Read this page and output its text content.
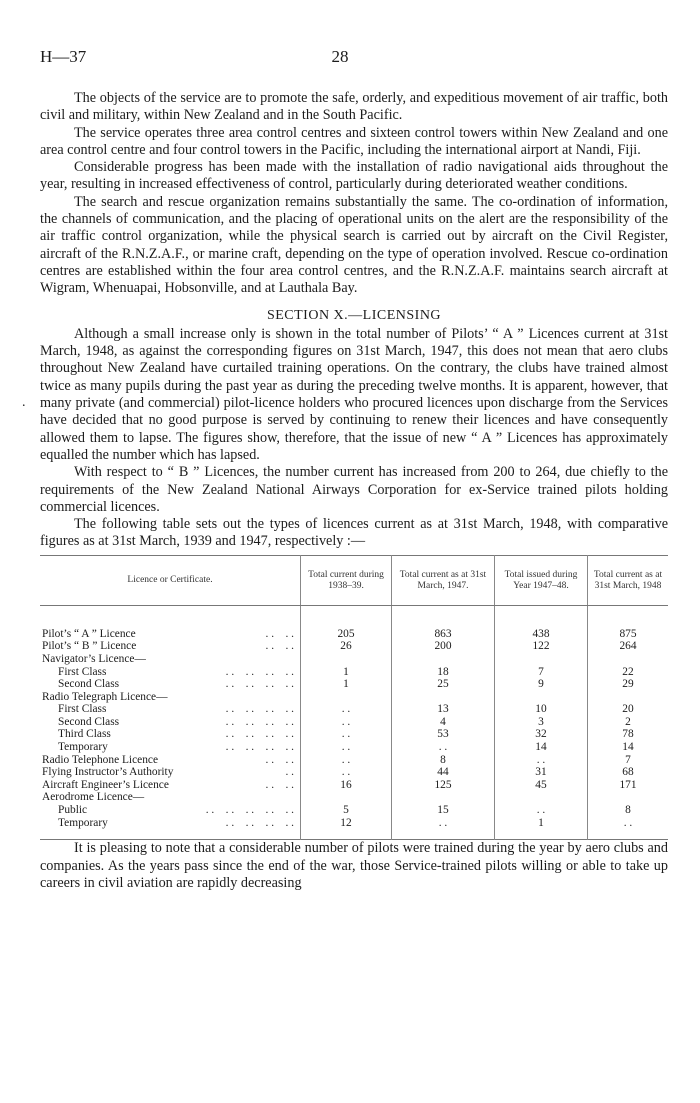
H—37	28

The objects of the service are to promote the safe, orderly, and expeditious movement of air traffic, both civil and military, within New Zealand and in the South Pacific.

The service operates three area control centres and sixteen control towers within New Zealand and one area control centre and four control towers in the Pacific, including the international airport at Nandi, Fiji.

Considerable progress has been made with the installation of radio navigational aids throughout the year, resulting in increased effectiveness of control, particularly during deteriorated weather conditions.

The search and rescue organization remains substantially the same. The co-ordination of information, the channels of communication, and the placing of operational units on the alert are the responsibility of the air traffic control organization, while the physical search is carried out by aircraft on the Civil Register, aircraft of the R.N.Z.A.F., or marine craft, depending on the type of operation involved. Rescue co-ordination centres are established within the four area control centres, and the R.N.Z.A.F. maintains search aircraft at Wigram, Whenuapai, Hobsonville, and at Lauthala Bay.

SECTION X.—LICENSING
.

Although a small increase only is shown in the total number of Pilots’ “ A ” Licences current at 31st March, 1948, as against the corresponding figures on 31st March, 1947, this does not mean that aero clubs throughout New Zealand have curtailed training operations. On the contrary, the clubs have trained almost twice as many pupils during the past year as during the preceding twelve months. It is apparent, however, that many private (and commercial) pilot-licence holders who procured licences upon discharge from the Services have decided that no good purpose is served by continuing to renew their licences and have consequently allowed them to lapse. The figures show, therefore, that the issue of new “ A ” Licences has approximately equalled the number which has lapsed.

With respect to “ B ” Licences, the number current has increased from 200 to 264, due chiefly to the requirements of the New Zealand National Airways Corporation for ex-Service trained pilots holding commercial licences.

The following table sets out the types of licences current as at 31st March, 1948, with comparative figures as at 31st March, 1939 and 1947, respectively :—

Licence or Certificate.	Total current during 1938–39.	Total current as at 31st March, 1947.	Total issued during Year 1947–48.	Total current as at 31st March, 1948

Pilot’s “ A ” Licence . .    . .	205	863	438	875
Pilot’s “ B ” Licence . .    . .	26	200	122	264
Navigator’s Licence—

First Class . .    . .    . .    . .	1	18	7	22
Second Class . .    . .    . .    . .	1	25	9	29
Radio Telegraph Licence—

First Class . .    . .    . .    . .	. .	13	10	20
Second Class . .    . .    . .    . .	. .	4	3	2
Third Class . .    . .    . .    . .	. .	53	32	78
Temporary . .    . .    . .    . .	. .	. .	14	14
Radio Telephone Licence . .    . .	. .	8	. .	7
Flying Instructor’s Authority . .	. .	44	31	68
Aircraft Engineer’s Licence . .    . .	16	125	45	171
Aerodrome Licence—

Public . .    . .    . .    . .    . .	5	15	. .	8
Temporary . .    . .    . .    . .	12	. .	1	. .

It is pleasing to note that a considerable number of pilots were trained during the year by aero clubs and companies. As the years pass since the end of the war, those Service-trained pilots willing or able to take up careers in civil aviation are rapidly decreasing
